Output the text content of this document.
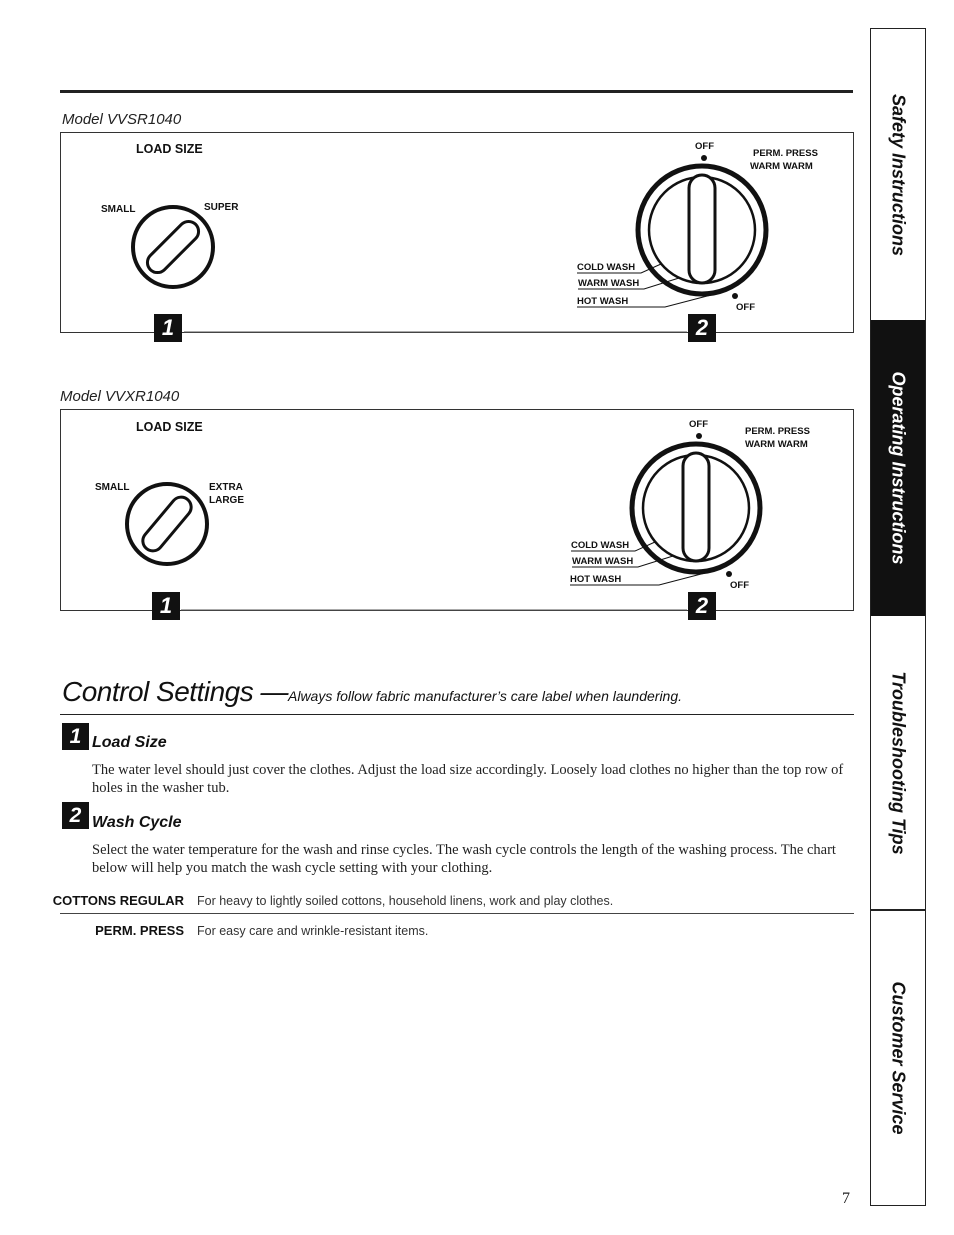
Model VVSR1040
LOAD SIZE
SMALL	SUPER
OFF
PERM. PRESS
WARM WARM
COLD WASH
WARM WASH
HOT WASH
OFF
1	2
Model VVXR1040
LOAD SIZE
SMALL	EXTRA
LARGE
OFF
PERM. PRESS
WARM WARM
COLD WASH
WARM WASH
HOT WASH
OFF
1	2
Control Settings —Always follow fabric manufacturer’s care label when laundering.
1 Load Size
The water level should just cover the clothes. Adjust the load size accordingly. Loosely load clothes no higher than the top row of holes in the washer tub.
2 Wash Cycle
Select the water temperature for the wash and rinse cycles. The wash cycle controls the length of the washing process. The chart below will help you match the wash cycle setting with your clothing.
COTTONS REGULAR For heavy to lightly soiled cottons, household linens, work and play clothes.
PERM. PRESS For easy care and wrinkle-resistant items.
Safety Instructions
Operating Instructions
Troubleshooting Tips
Customer Service
7
